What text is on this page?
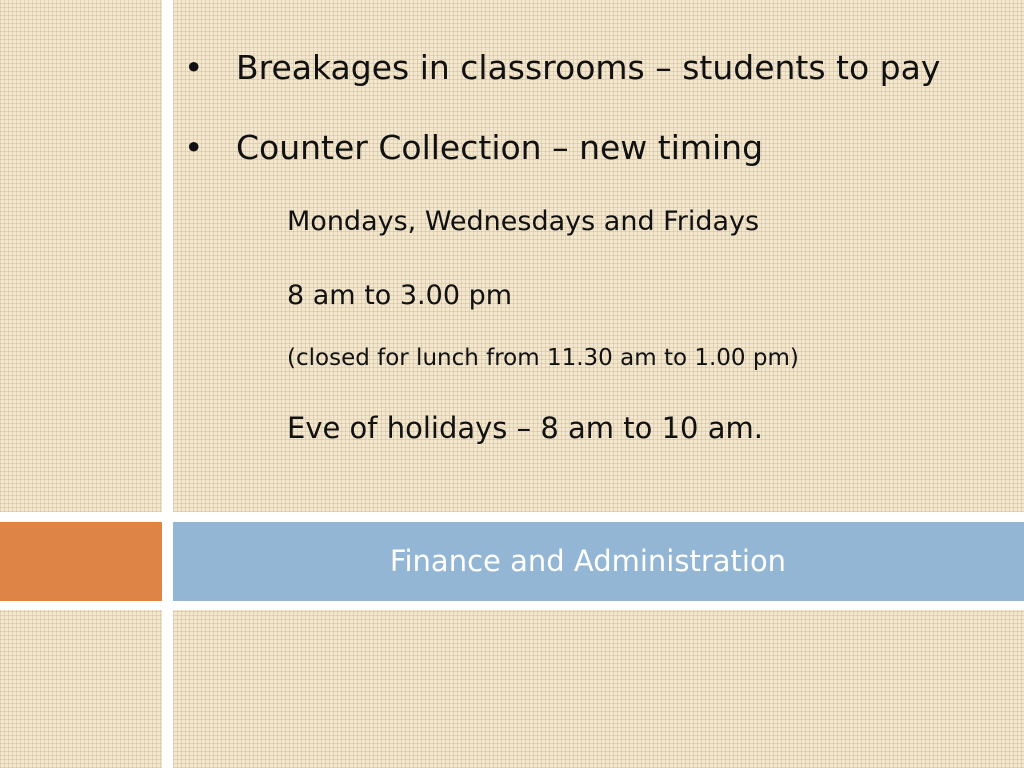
Finance and Administration
• Breakages in classrooms – students to pay
• Counter Collection – new timing
Mondays, Wednesdays and Fridays
8 am to 3.00 pm
(closed for lunch from 11.30 am to 1.00 pm)
Eve of holidays – 8 am to 10 am.
